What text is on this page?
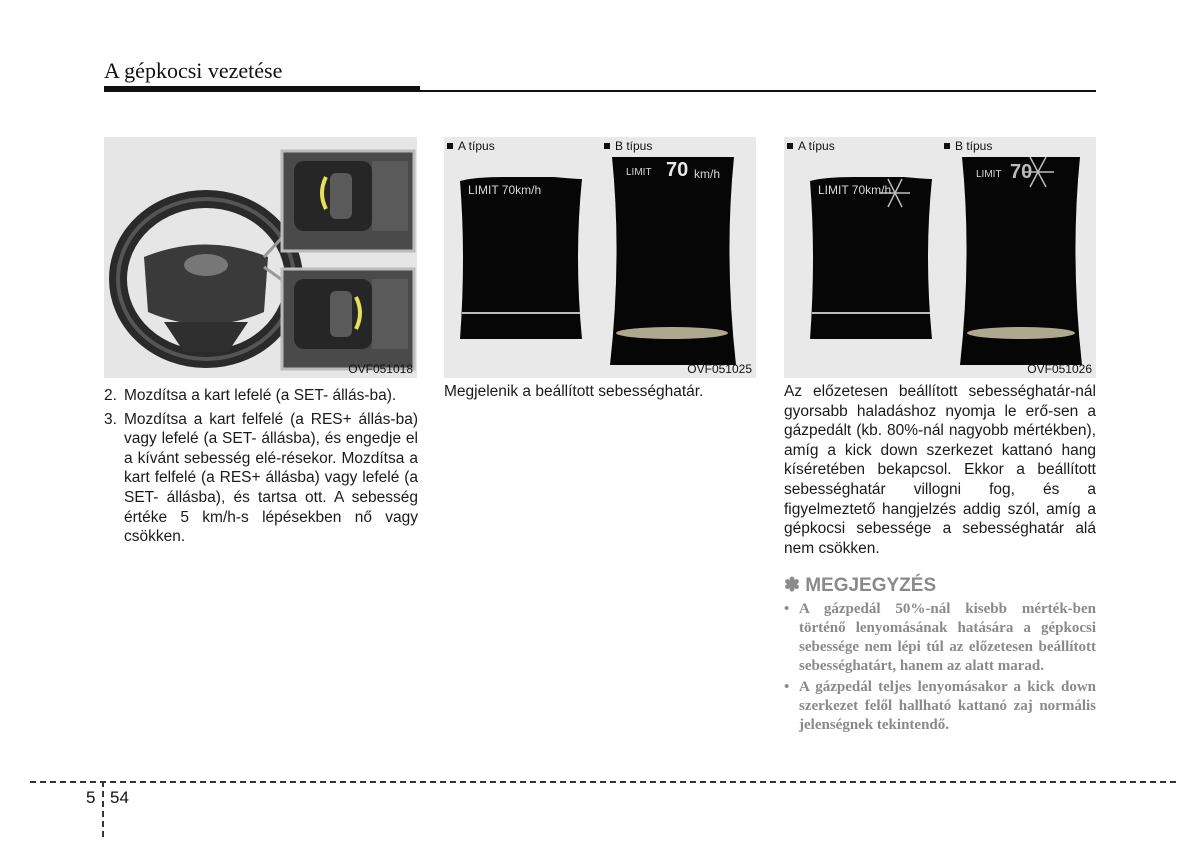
A gépkocsi vezetése
OVF051018
A típus	B típus
LIMIT 70km/h
LIMIT 70 km/h
OVF051025
A típus	B típus
LIMIT 70km/h
LIMIT 70
OVF051026
2. Mozdítsa a kart lefelé (a SET- állás-ba).
3. Mozdítsa a kart felfelé (a RES+ állás-ba) vagy lefelé (a SET- állásba), és engedje el a kívánt sebesség elé-résekor. Mozdítsa a kart felfelé (a RES+ állásba) vagy lefelé (a SET- állásba), és tartsa ott. A sebesség értéke 5 km/h-s lépésekben nő vagy csökken.
Megjelenik a beállított sebességhatár.	Az előzetesen beállított sebességhatár-nál gyorsabb haladáshoz nyomja le erő-sen a gázpedált (kb. 80%-nál nagyobb mértékben), amíg a kick down szerkezet kattanó hang kíséretében bekapcsol. Ekkor a beállított sebességhatár villogni fog, és a figyelmeztető hangjelzés addig szól, amíg a gépkocsi sebessége a sebességhatár alá nem csökken.
✽ MEGJEGYZÉS
• A gázpedál 50%-nál kisebb mérték-ben történő lenyomásának hatására a gépkocsi sebessége nem lépi túl az előzetesen beállított sebességhatárt, hanem az alatt marad.
• A gázpedál teljes lenyomásakor a kick down szerkezet felől hallható kattanó zaj normális jelenségnek tekintendő.
5 54
